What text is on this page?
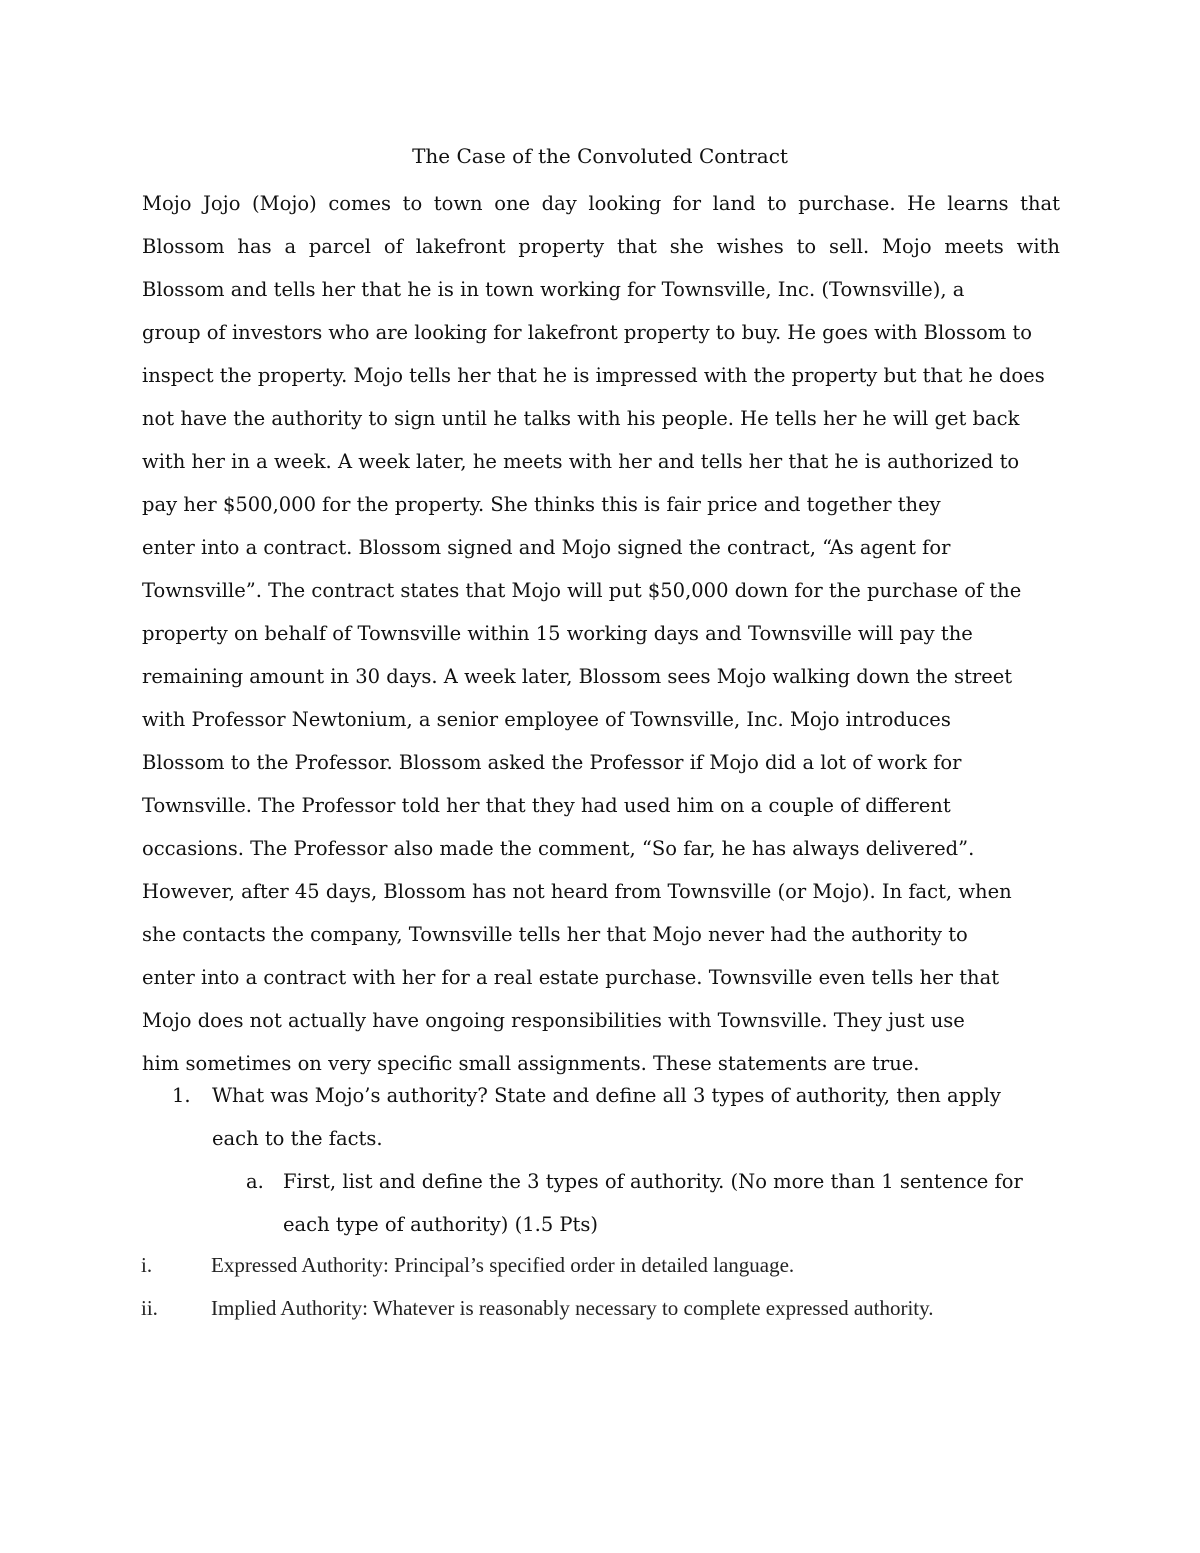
The Case of the Convoluted Contract
Mojo Jojo (Mojo) comes to town one day looking for land to purchase. He learns that
Blossom has a parcel of lakefront property that she wishes to sell. Mojo meets with
Blossom and tells her that he is in town working for Townsville, Inc. (Townsville), a
group of investors who are looking for lakefront property to buy. He goes with Blossom to
inspect the property. Mojo tells her that he is impressed with the property but that he does
not have the authority to sign until he talks with his people. He tells her he will get back
with her in a week. A week later, he meets with her and tells her that he is authorized to
pay her $500,000 for the property. She thinks this is fair price and together they
enter into a contract. Blossom signed and Mojo signed the contract, “As agent for
Townsville”. The contract states that Mojo will put $50,000 down for the purchase of the
property on behalf of Townsville within 15 working days and Townsville will pay the
remaining amount in 30 days. A week later, Blossom sees Mojo walking down the street
with Professor Newtonium, a senior employee of Townsville, Inc. Mojo introduces
Blossom to the Professor. Blossom asked the Professor if Mojo did a lot of work for
Townsville. The Professor told her that they had used him on a couple of different
occasions. The Professor also made the comment, “So far, he has always delivered”.
However, after 45 days, Blossom has not heard from Townsville (or Mojo). In fact, when
she contacts the company, Townsville tells her that Mojo never had the authority to
enter into a contract with her for a real estate purchase. Townsville even tells her that
Mojo does not actually have ongoing responsibilities with Townsville. They just use
him sometimes on very specific small assignments. These statements are true.
1. What was Mojo’s authority? State and define all 3 types of authority, then apply
each to the facts.
a. First, list and define the 3 types of authority. (No more than 1 sentence for
each type of authority) (1.5 Pts)
i.	Expressed Authority: Principal’s specified order in detailed language.
ii.	Implied Authority: Whatever is reasonably necessary to complete expressed authority.
